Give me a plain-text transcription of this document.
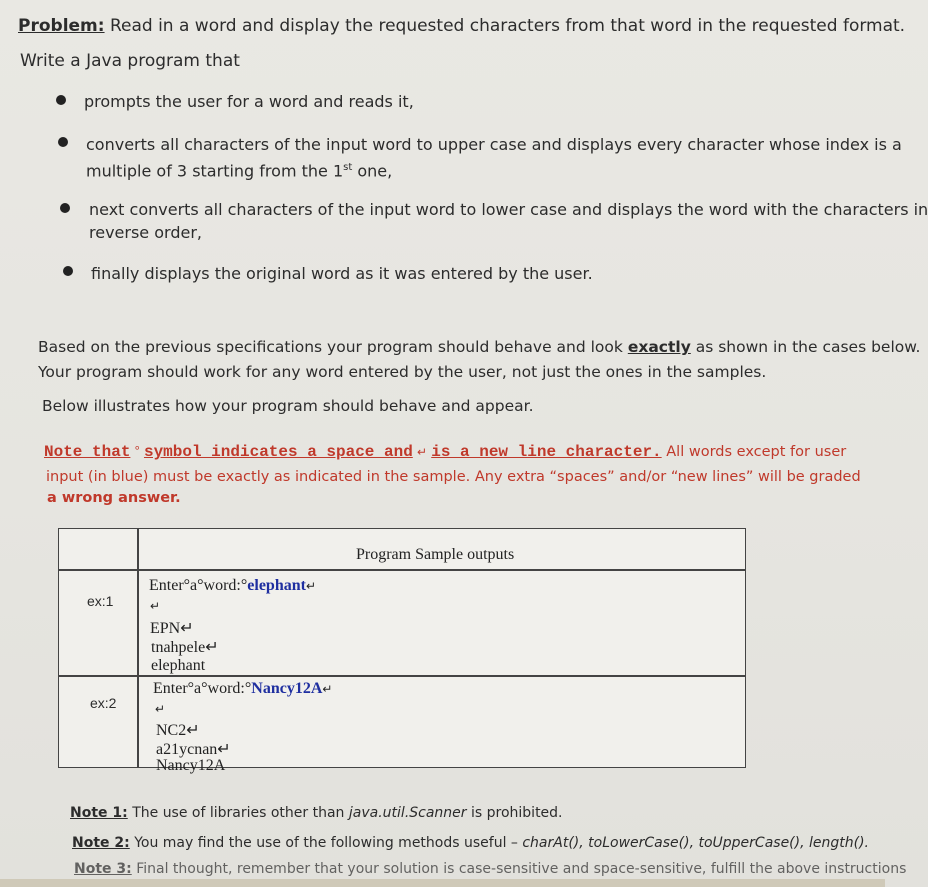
Problem: Read in a word and display the requested characters from that word in the requested format.
Write a Java program that
prompts the user for a word and reads it,
converts all characters of the input word to upper case and displays every character whose index is a
multiple of 3 starting from the 1st one,
next converts all characters of the input word to lower case and displays the word with the characters in
reverse order,
finally displays the original word as it was entered by the user.
Based on the previous specifications your program should behave and look exactly as shown in the cases below.
Your program should work for any word entered by the user, not just the ones in the samples.
Below illustrates how your program should behave and appear.
Note that ° symbol indicates a space and ↵ is a new line character. All words except for user
input (in blue) must be exactly as indicated in the sample. Any extra “spaces” and/or “new lines” will be graded
a wrong answer.
Program Sample outputs
ex:1
Enter°a°word:°elephant↵
↵
EPN↵
tnahpele↵
elephant
ex:2
Enter°a°word:°Nancy12A↵
↵
NC2↵
a21ycnan↵
Nancy12A
Note 1: The use of libraries other than java.util.Scanner is prohibited.
Note 2: You may find the use of the following methods useful – charAt(), toLowerCase(), toUpperCase(), length().
Note 3: Final thought, remember that your solution is case-sensitive and space-sensitive, fulfill the above instructions
